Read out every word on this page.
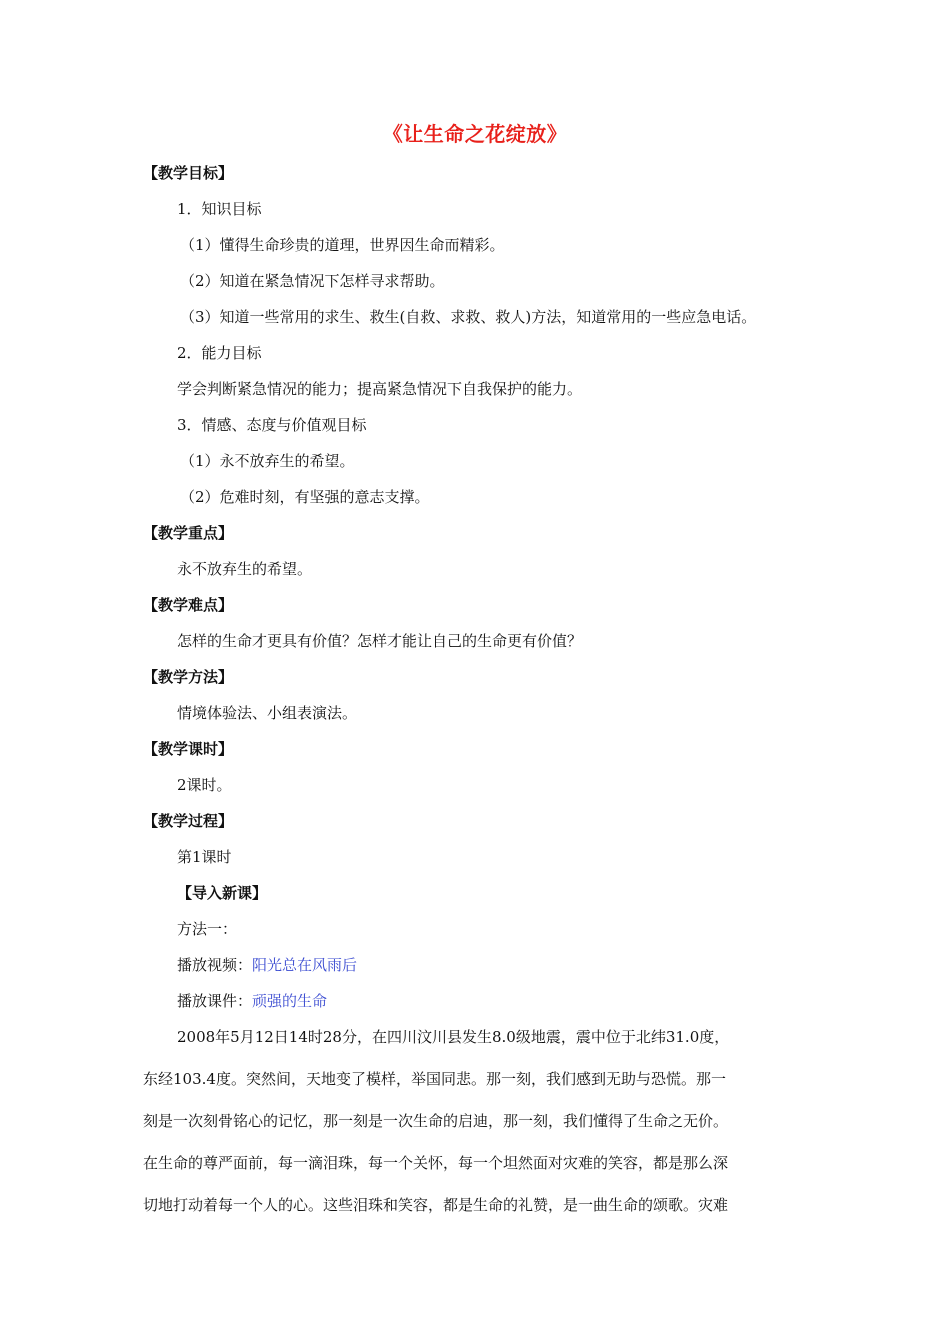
《让生命之花绽放》
【教学目标】
1．知识目标
（1）懂得生命珍贵的道理，世界因生命而精彩。
（2）知道在紧急情况下怎样寻求帮助。
（3）知道一些常用的求生、救生(自救、求救、救人)方法，知道常用的一些应急电话。
2．能力目标
学会判断紧急情况的能力；提高紧急情况下自我保护的能力。
3．情感、态度与价值观目标
（1）永不放弃生的希望。
（2）危难时刻，有坚强的意志支撑。
【教学重点】
永不放弃生的希望。
【教学难点】
怎样的生命才更具有价值？怎样才能让自己的生命更有价值？
【教学方法】
情境体验法、小组表演法。
【教学课时】
2课时。
【教学过程】
第1课时
【导入新课】
方法一：
播放视频：阳光总在风雨后
播放课件：顽强的生命
2008年5月12日14时28分，在四川汶川县发生8.0级地震，震中位于北纬31.0度，
东经103.4度。突然间，天地变了模样，举国同悲。那一刻，我们感到无助与恐慌。那一
刻是一次刻骨铭心的记忆，那一刻是一次生命的启迪，那一刻，我们懂得了生命之无价。
在生命的尊严面前，每一滴泪珠，每一个关怀，每一个坦然面对灾难的笑容，都是那么深
切地打动着每一个人的心。这些泪珠和笑容，都是生命的礼赞，是一曲生命的颂歌。灾难
